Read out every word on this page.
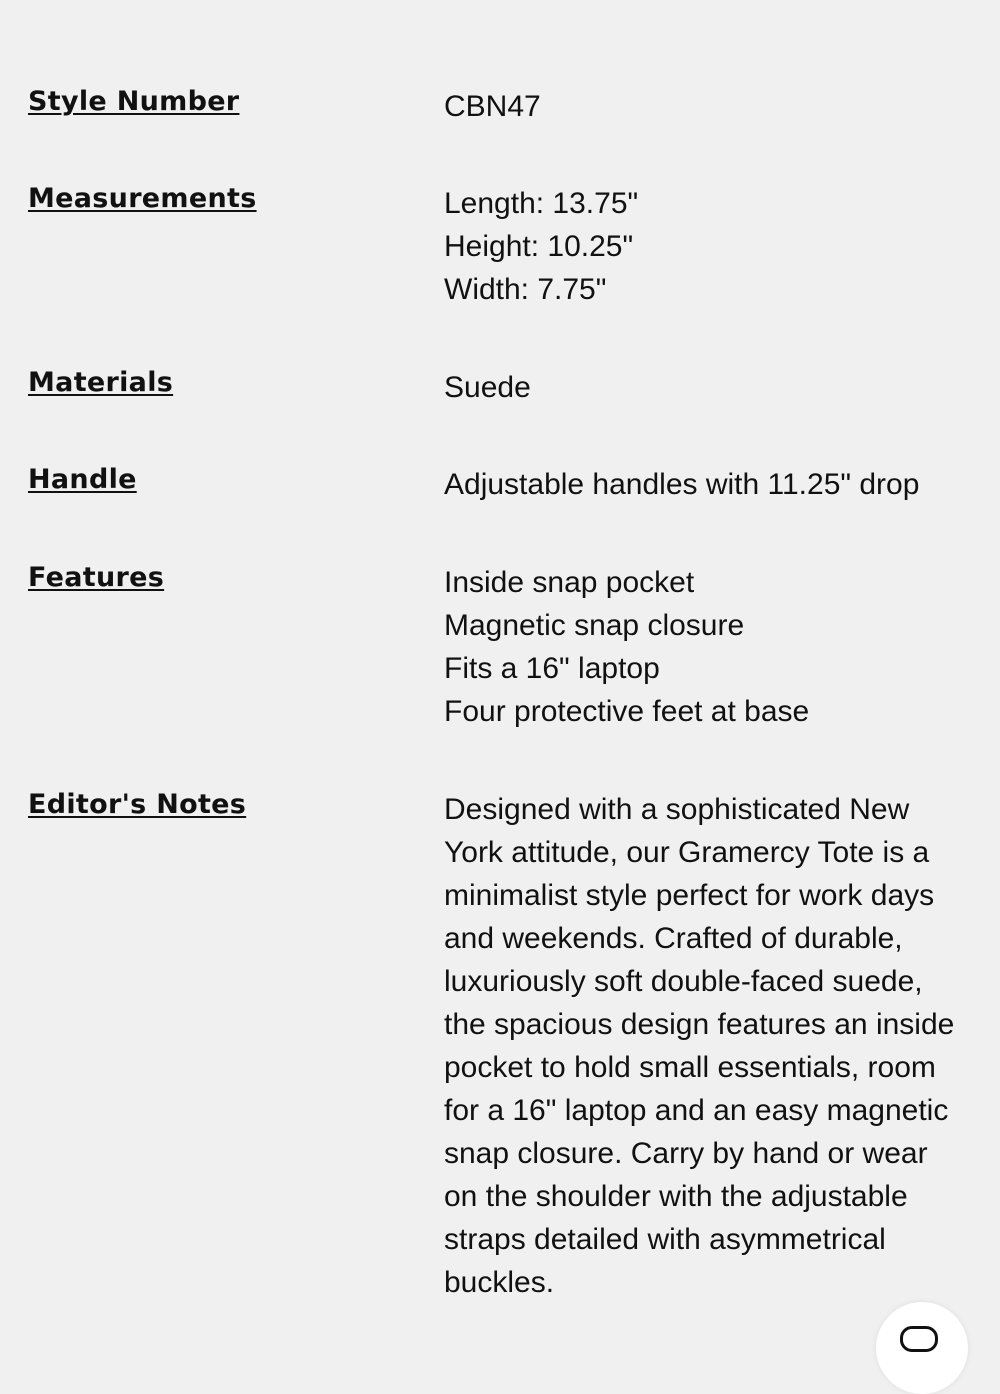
Style Number	CBN47
Measurements	Length: 13.75"
Height: 10.25"
Width: 7.75"
Materials	Suede
Handle	Adjustable handles with 11.25" drop
Features	Inside snap pocket
Magnetic snap closure
Fits a 16" laptop
Four protective feet at base
Editor's Notes	Designed with a sophisticated New York attitude, our Gramercy Tote is a minimalist style perfect for work days and weekends. Crafted of durable, luxuriously soft double-faced suede, the spacious design features an inside pocket to hold small essentials, room for a 16" laptop and an easy magnetic snap closure. Carry by hand or wear on the shoulder with the adjustable straps detailed with asymmetrical buckles.
